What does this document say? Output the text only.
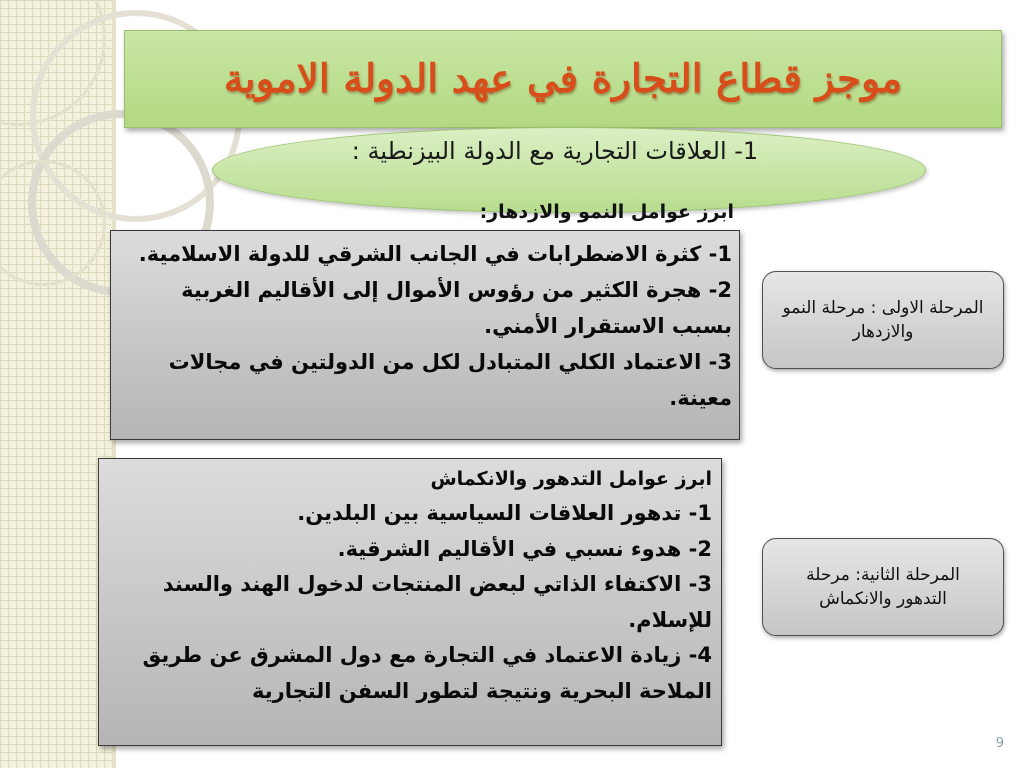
موجز قطاع التجارة في عهد الدولة الاموية
1- العلاقات التجارية مع الدولة البيزنطية :
ابرز عوامل النمو والازدهار:
1- كثرة الاضطرابات في الجانب الشرقي للدولة الاسلامية.
2- هجرة الكثير من رؤوس الأموال إلى الأقاليم الغربية بسبب الاستقرار الأمني.
3- الاعتماد الكلي المتبادل لكل من الدولتين في مجالات معينة.
المرحلة الاولى : مرحلة النمو والازدهار
ابرز عوامل التدهور والانكماش
1- تدهور العلاقات السياسية بين البلدين.
2- هدوء نسبي في الأقاليم الشرقية.
3- الاكتفاء الذاتي لبعض المنتجات لدخول الهند والسند للإسلام.
4- زيادة الاعتماد في التجارة مع دول المشرق عن طريق الملاحة البحرية ونتيجة لتطور السفن التجارية
المرحلة الثانية: مرحلة التدهور والانكماش
9
